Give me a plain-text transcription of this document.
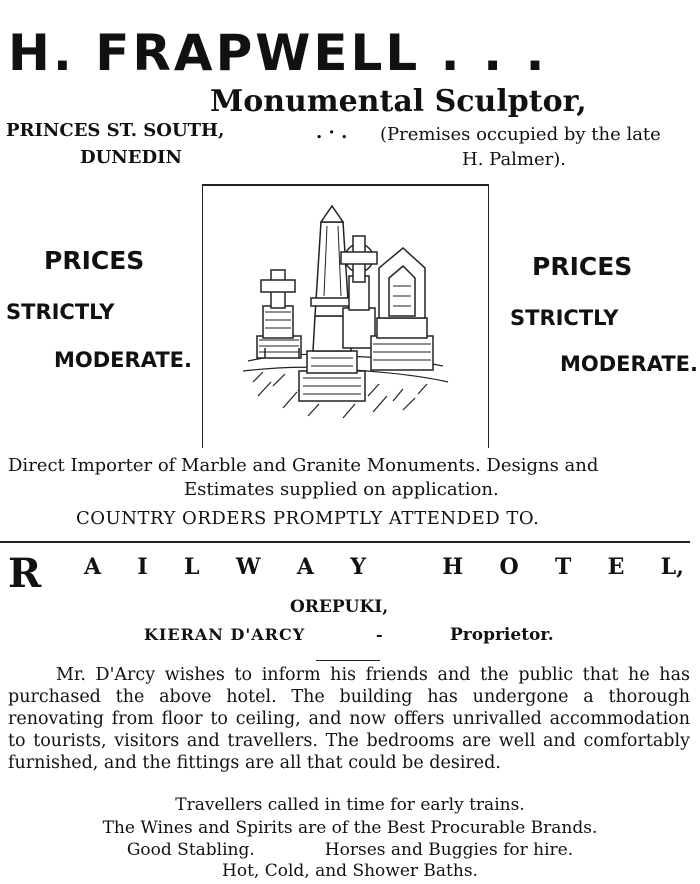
H. FRAPWELL . . .
Monumental Sculptor,
PRINCES ST. SOUTH,	. · .
DUNEDIN
(Premises occupied by the late
H. Palmer).
PRICES
STRICTLY
MODERATE.
PRICES
STRICTLY
MODERATE.
Direct Importer of Marble and Granite Monuments. Designs and
Estimates supplied on application.
COUNTRY ORDERS PROMPTLY ATTENDED TO.
R A I L W A Y	H O T E L,
OREPUKI,
KIERAN D'ARCY	-	Proprietor.
Mr. D'Arcy wishes to inform his friends and the public that he has purchased the above hotel. The building has undergone a thorough renovating from floor to ceiling, and now offers unrivalled accommodation to tourists, visitors and travellers. The bedrooms are well and comfortably furnished, and the fittings are all that could be desired.
Travellers called in time for early trains.
The Wines and Spirits are of the Best Procurable Brands.
Good Stabling.	Horses and Buggies for hire.
Hot, Cold, and Shower Baths.
